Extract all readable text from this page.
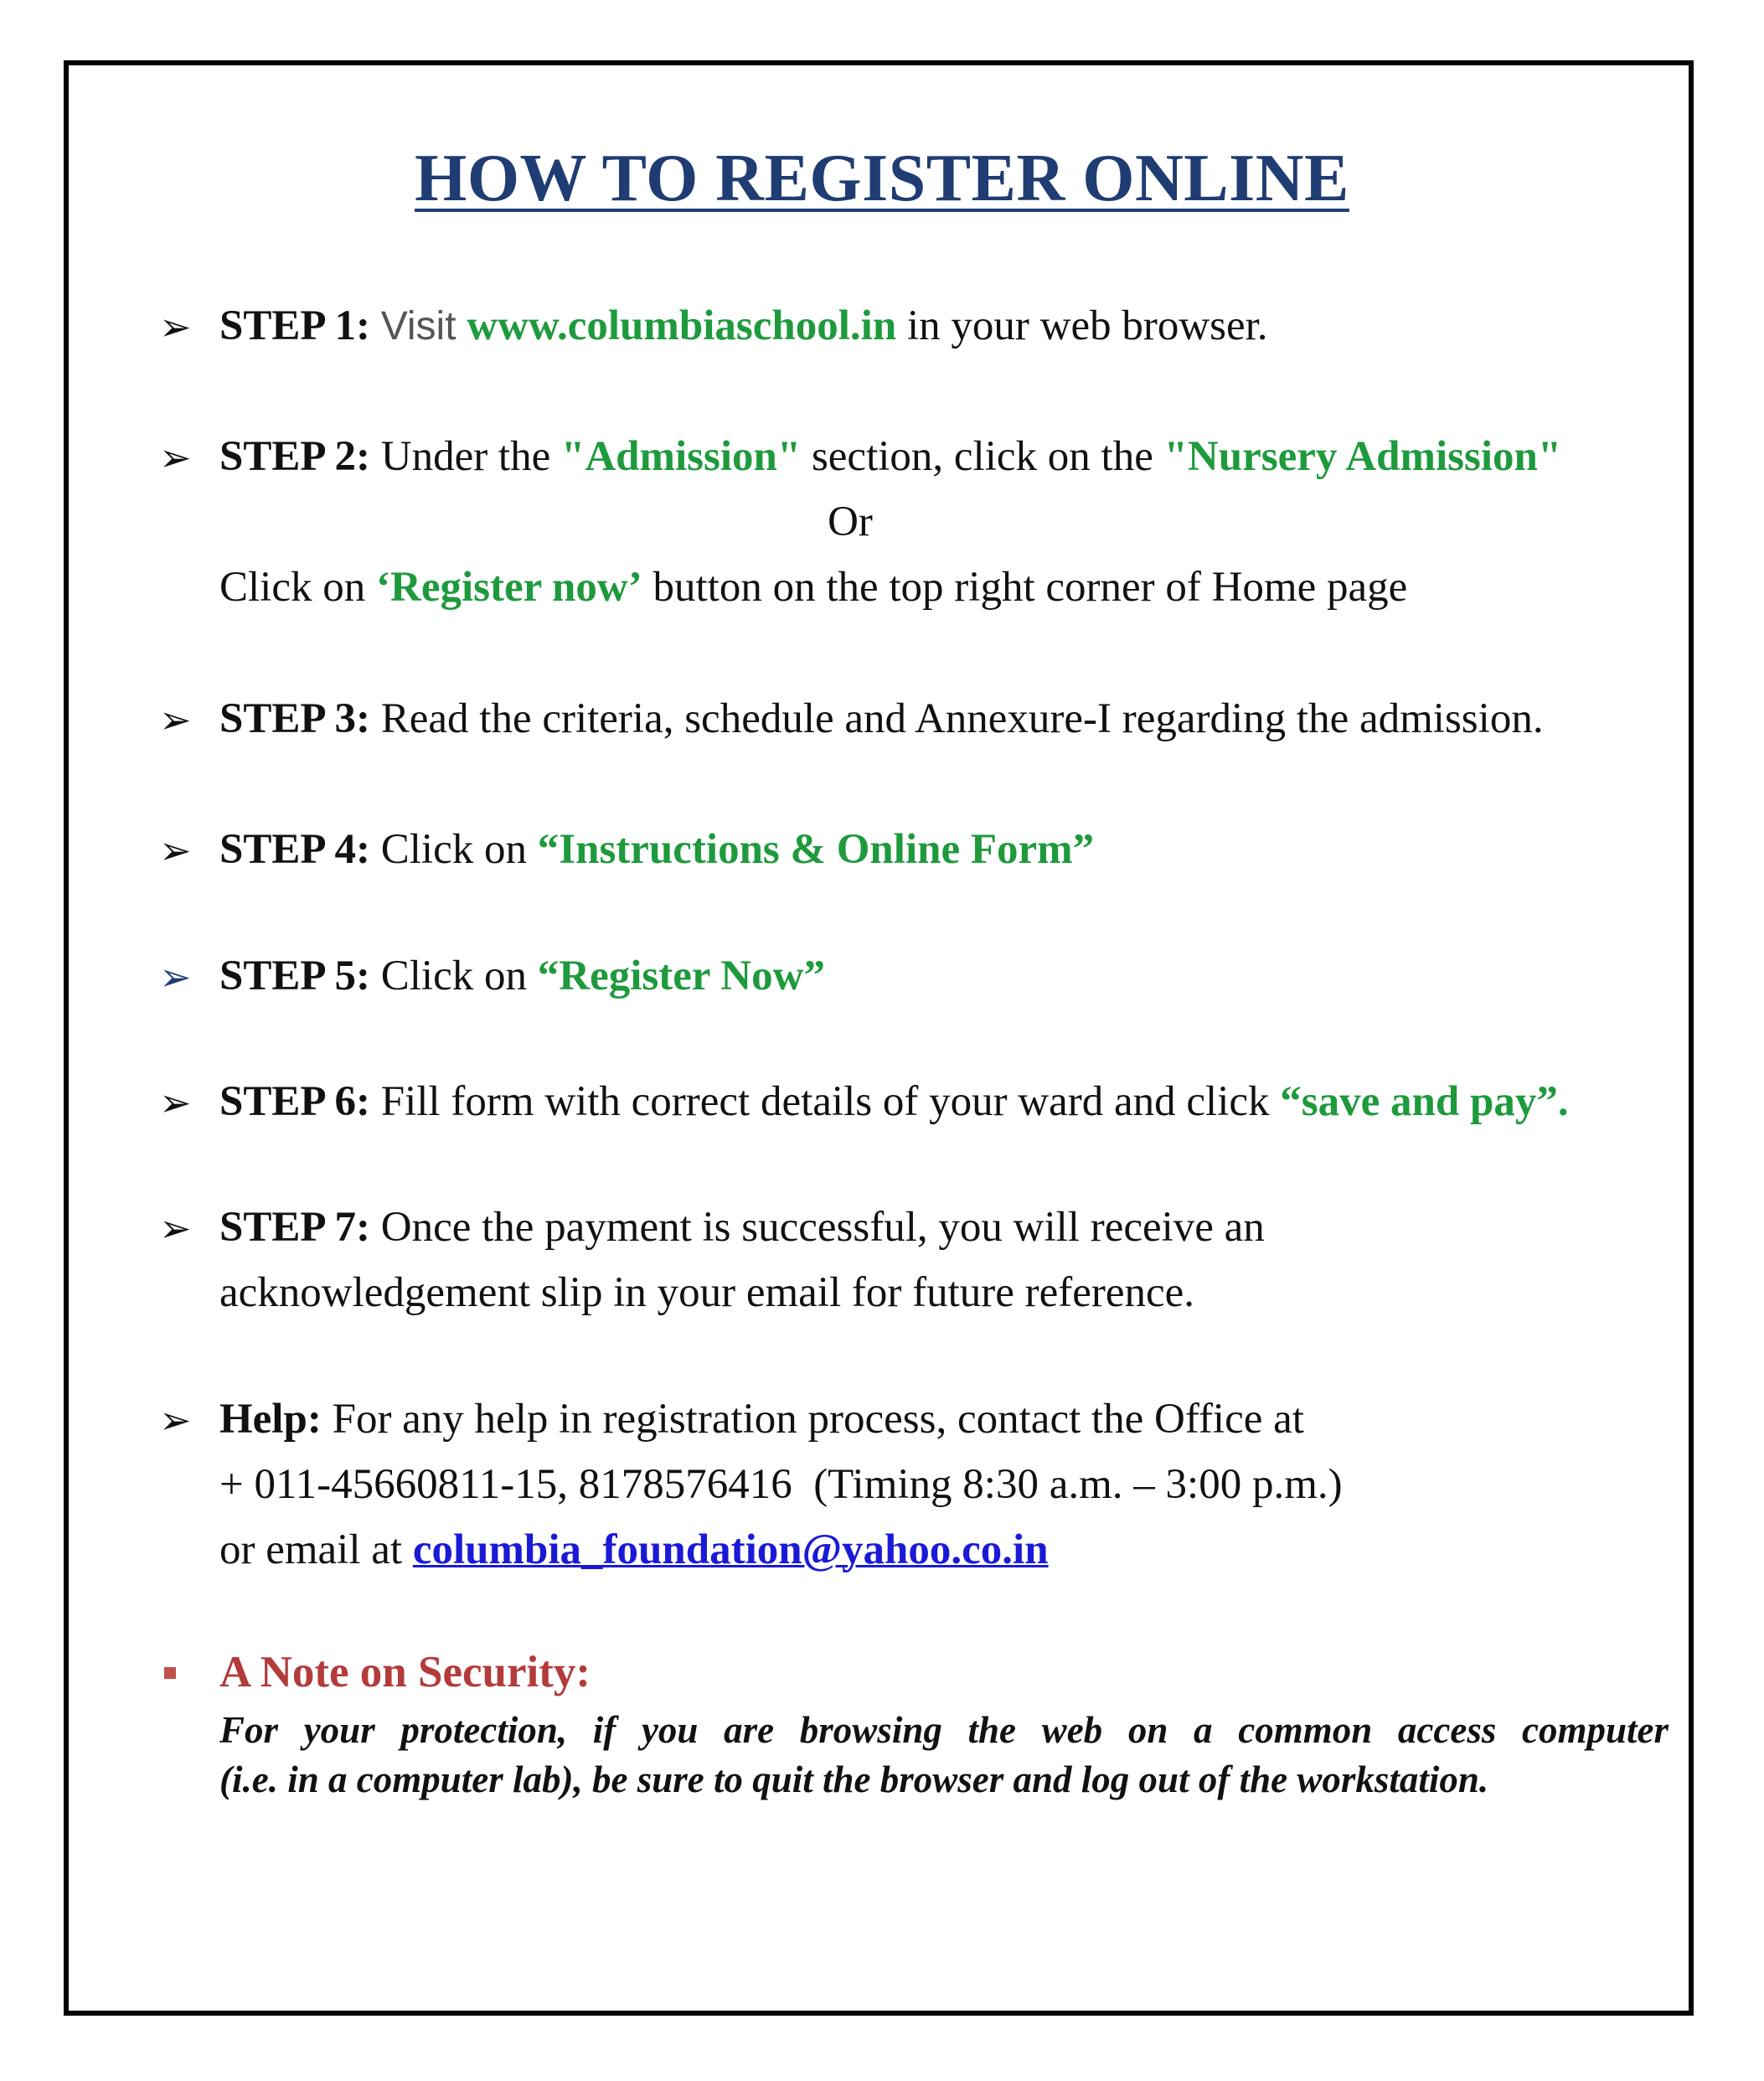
HOW TO REGISTER ONLINE
➢ STEP 1: Visit www.columbiaschool.in in your web browser.
➢ STEP 2: Under the "Admission" section, click on the "Nursery Admission"
Or
Click on ‘Register now’ button on the top right corner of Home page
➢ STEP 3: Read the criteria, schedule and Annexure-I regarding the admission.
➢ STEP 4: Click on “Instructions & Online Form”
➢ STEP 5: Click on “Register Now”
➢ STEP 6: Fill form with correct details of your ward and click “save and pay”.
➢ STEP 7: Once the payment is successful, you will receive an
acknowledgement slip in your email for future reference.
➢ Help: For any help in registration process, contact the Office at
+ 011-45660811-15, 8178576416  (Timing 8:30 a.m. – 3:00 p.m.)
or email at columbia_foundation@yahoo.co.in
A Note on Security:
For your protection, if you are browsing the web on a common access computer
(i.e. in a computer lab), be sure to quit the browser and log out of the workstation.
